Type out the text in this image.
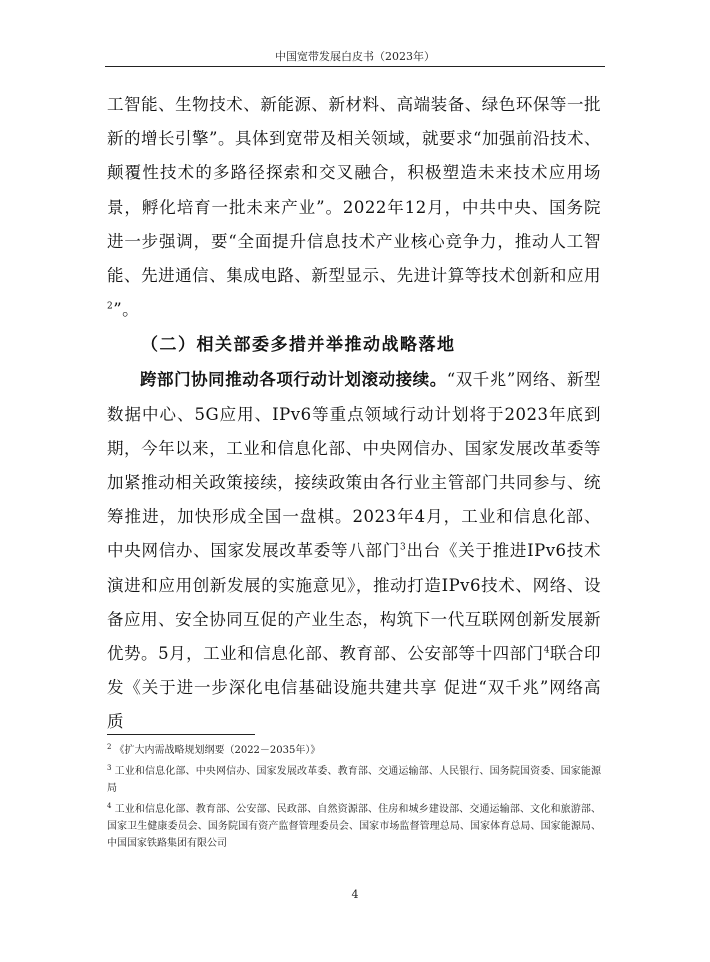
中国宽带发展白皮书（2023年）

工智能、生物技术、新能源、新材料、高端装备、绿色环保等一批新的增长引擎”。具体到宽带及相关领域，就要求“加强前沿技术、颠覆性技术的多路径探索和交叉融合，积极塑造未来技术应用场景，孵化培育一批未来产业”。2022年12月，中共中央、国务院进一步强调，要“全面提升信息技术产业核心竞争力，推动人工智能、先进通信、集成电路、新型显示、先进计算等技术创新和应用$^2$”。

（二）相关部委多措并举推动战略落地

跨部门协同推动各项行动计划滚动接续。“双千兆”网络、新型数据中心、5G应用、IPv6等重点领域行动计划将于2023年底到期，今年以来，工业和信息化部、中央网信办、国家发展改革委等加紧推动相关政策接续，接续政策由各行业主管部门共同参与、统筹推进，加快形成全国一盘棋。2023年4月，工业和信息化部、中央网信办、国家发展改革委等八部门$^3$出台《关于推进IPv6技术演进和应用创新发展的实施意见》，推动打造IPv6技术、网络、设备应用、安全协同互促的产业生态，构筑下一代互联网创新发展新优势。5月，工业和信息化部、教育部、公安部等十四部门$^4$联合印发《关于进一步深化电信基础设施共建共享 促进“双千兆”网络高质

$^2$ 《扩大内需战略规划纲要（2022－2035年）》

$^3$ 工业和信息化部、中央网信办、国家发展改革委、教育部、交通运输部、人民银行、国务院国资委、国家能源局

$^4$ 工业和信息化部、教育部、公安部、民政部、自然资源部、住房和城乡建设部、交通运输部、文化和旅游部、国家卫生健康委员会、国务院国有资产监督管理委员会、国家市场监督管理总局、国家体育总局、国家能源局、中国国家铁路集团有限公司

4
